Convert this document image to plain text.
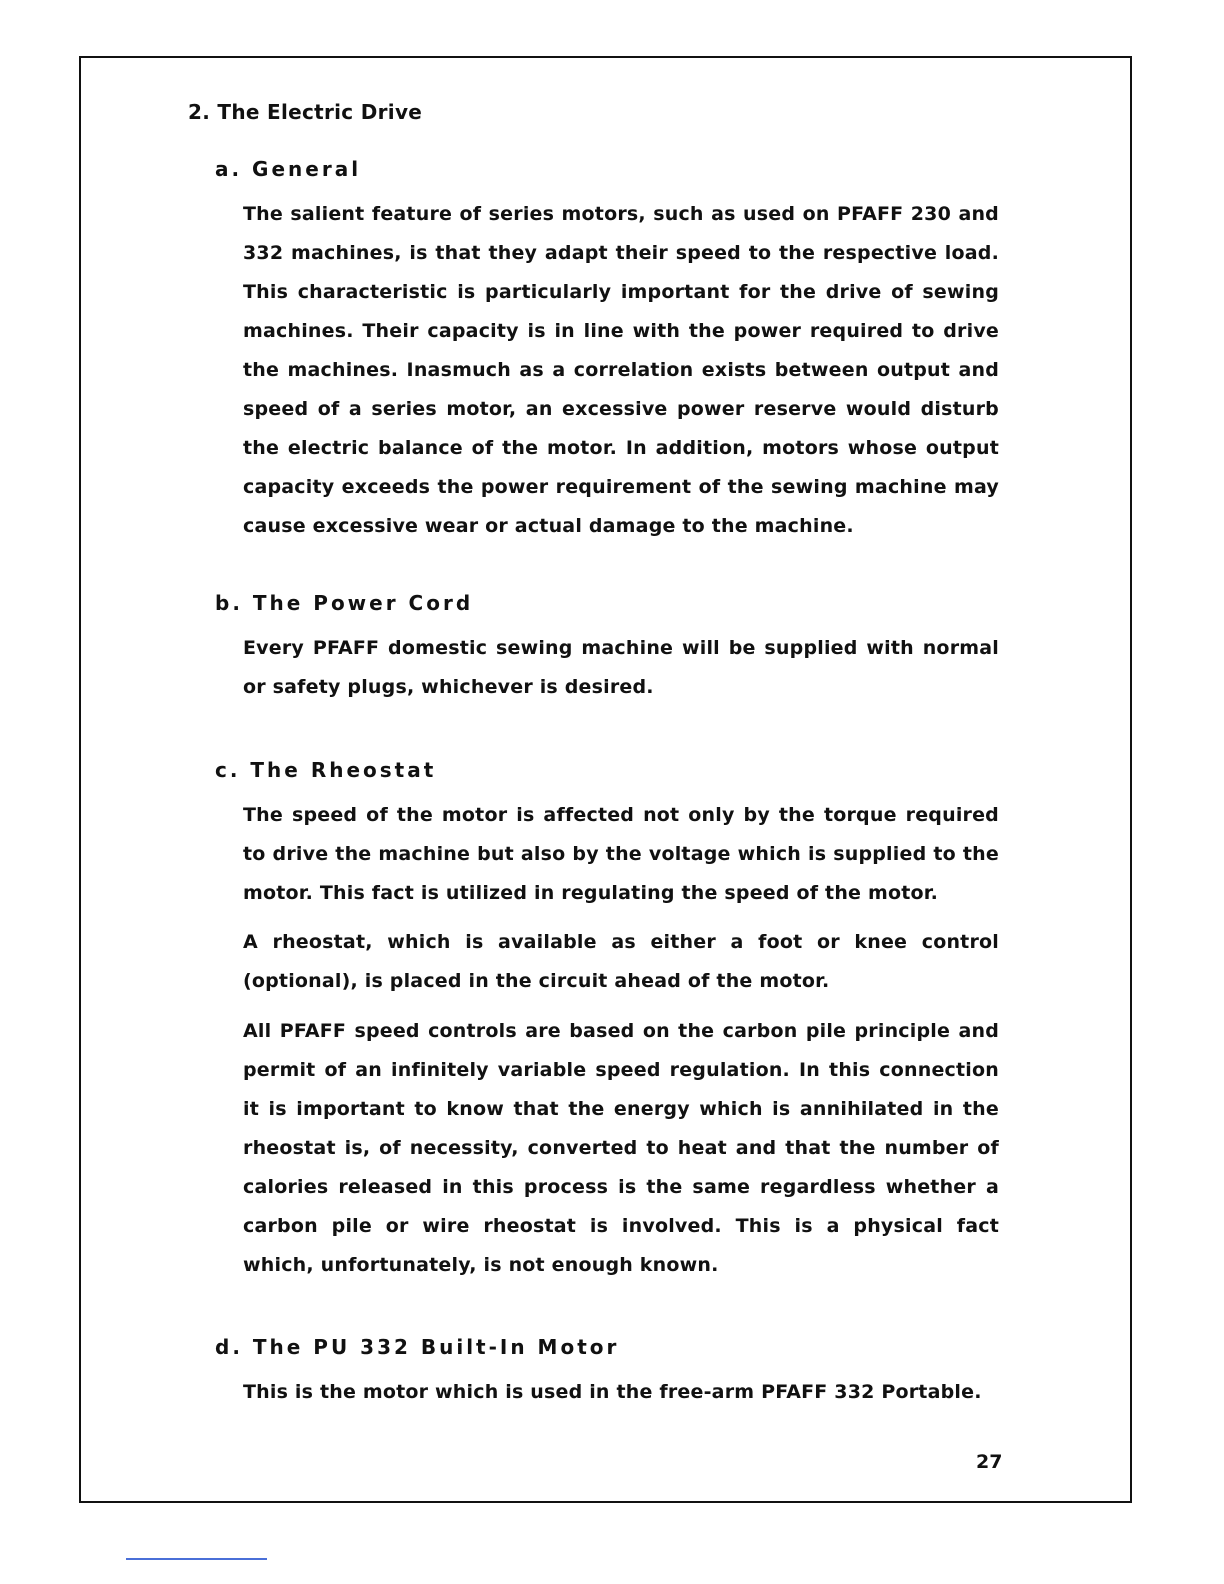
2. The Electric Drive
a. General

The salient feature of series motors, such as used on PFAFF 230 and 332 machines, is that they adapt their speed to the respective load. This characteristic is particularly important for the drive of sewing machines. Their capacity is in line with the power required to drive the machines. Inasmuch as a correlation exists between output and speed of a series motor, an excessive power reserve would disturb the electric balance of the motor. In addition, motors whose output capacity exceeds the power requirement of the sewing machine may cause excessive wear or actual damage to the machine.

b. The Power Cord

Every PFAFF domestic sewing machine will be supplied with normal or safety plugs, whichever is desired.

c. The Rheostat

The speed of the motor is affected not only by the torque required to drive the machine but also by the voltage which is supplied to the motor. This fact is utilized in regulating the speed of the motor.

A rheostat, which is available as either a foot or knee control (optional), is placed in the circuit ahead of the motor.

All PFAFF speed controls are based on the carbon pile principle and permit of an infinitely variable speed regulation. In this connection it is important to know that the energy which is annihilated in the rheostat is, of necessity, converted to heat and that the number of calories released in this process is the same regardless whether a carbon pile or wire rheostat is involved. This is a physical fact which, unfortunately, is not enough known.

d. The PU 332 Built-In Motor

This is the motor which is used in the free-arm PFAFF 332 Portable.

27
